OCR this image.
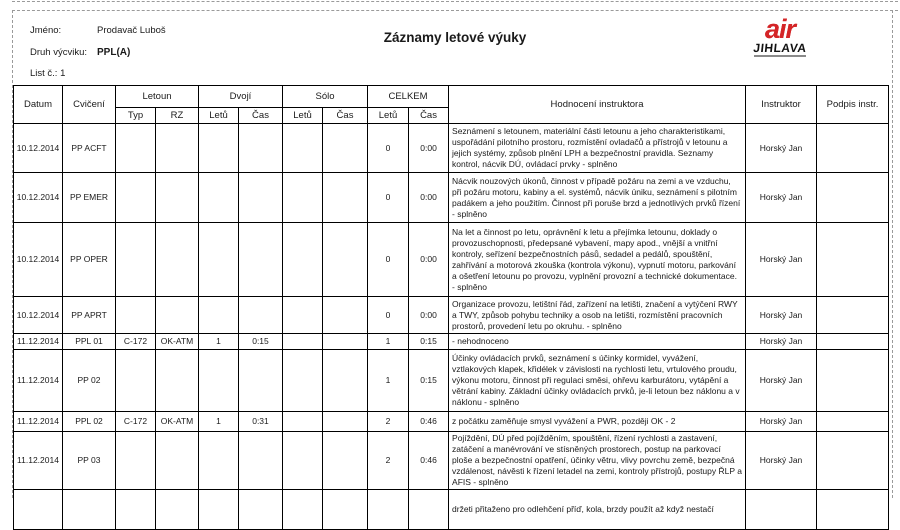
Jméno:	Prodavač Luboš
Druh výcviku: PPL(A)
List č.: 1
Záznamy letové výuky	air
JIHLAVA
Datum	Cvičení	Letoun		Dvojí		Sólo		CELKEM		Hodnocení instruktora	Instruktor	Podpis instr.
		Typ	RZ	Letů	Čas	Letů	Čas	Letů	Čas			
10.12.2014	PP ACFT							0	0:00	Seznámení s letounem, materiální části letounu a jeho charakteristikami, uspořádání pilotního prostoru, rozmístění ovladačů a přístrojů v letounu a jejich systémy, způsob plnění LPH a bezpečnostní pravidla. Seznamy kontrol, nácvik DÚ, ovládací prvky - splněno	Horský Jan	
10.12.2014	PP EMER							0	0:00	Nácvik nouzových úkonů, činnost v případě požáru na zemi a ve vzduchu, při požáru motoru, kabiny a el. systémů, nácvik úniku, seznámení s pilotním padákem a jeho použitím. Činnost při poruše brzd a jednotlivých prvků řízení - splněno	Horský Jan	
10.12.2014	PP OPER							0	0:00	Na let a činnost po letu, oprávnění k letu a přejímka letounu, doklady o provozuschopnosti, předepsané vybavení, mapy apod., vnější a vnitřní kontroly, seřízení bezpečnostních pásů, sedadel a pedálů, spouštění, zahřívání a motorová zkouška (kontrola výkonu), vypnutí motoru, parkování a ošetření letounu po provozu, vyplnění provozní a technické dokumentace. - splněno	Horský Jan	
10.12.2014	PP APRT							0	0:00	Organizace provozu, letištní řád, zařízení na letišti, značení a vytýčení RWY a TWY, způsob pohybu techniky a osob na letišti, rozmístění pracovních prostorů, provedení letu po okruhu. - splněno	Horský Jan	
11.12.2014	PPL 01	C-172	OK-ATM	1	0:15			1	0:15	- nehodnoceno	Horský Jan	
11.12.2014	PP 02							1	0:15	Účinky ovládacích prvků, seznámení s účinky kormidel, vyvážení, vztlakových klapek, křidélek v závislosti na rychlosti letu, vrtulového proudu, výkonu motoru, činnost při regulaci směsi, ohřevu karburátoru, vytápění a větrání kabiny. Základní účinky ovládacích prvků, je-li letoun bez náklonu a v náklonu - splněno	Horský Jan	
11.12.2014	PPL 02	C-172	OK-ATM	1	0:31			2	0:46	z počátku zaměňuje smysl vyvážení a PWR, později OK - 2	Horský Jan	
11.12.2014	PP 03							2	0:46	Pojíždění, DÚ před pojížděním, spouštění, řízení rychlosti a zastavení, zatáčení a manévrování ve stísněných prostorech, postup na parkovací ploše a bezpečnostní opatření, účinky větru, vlivy povrchu země, bezpečná vzdálenost, návěsti k řízení letadel na zemi, kontroly přístrojů, postupy ŘLP a AFIS - splněno	Horský Jan	
										držeti přitaženo pro odlehčení příď, kola, brzdy použít až když nestačí		
